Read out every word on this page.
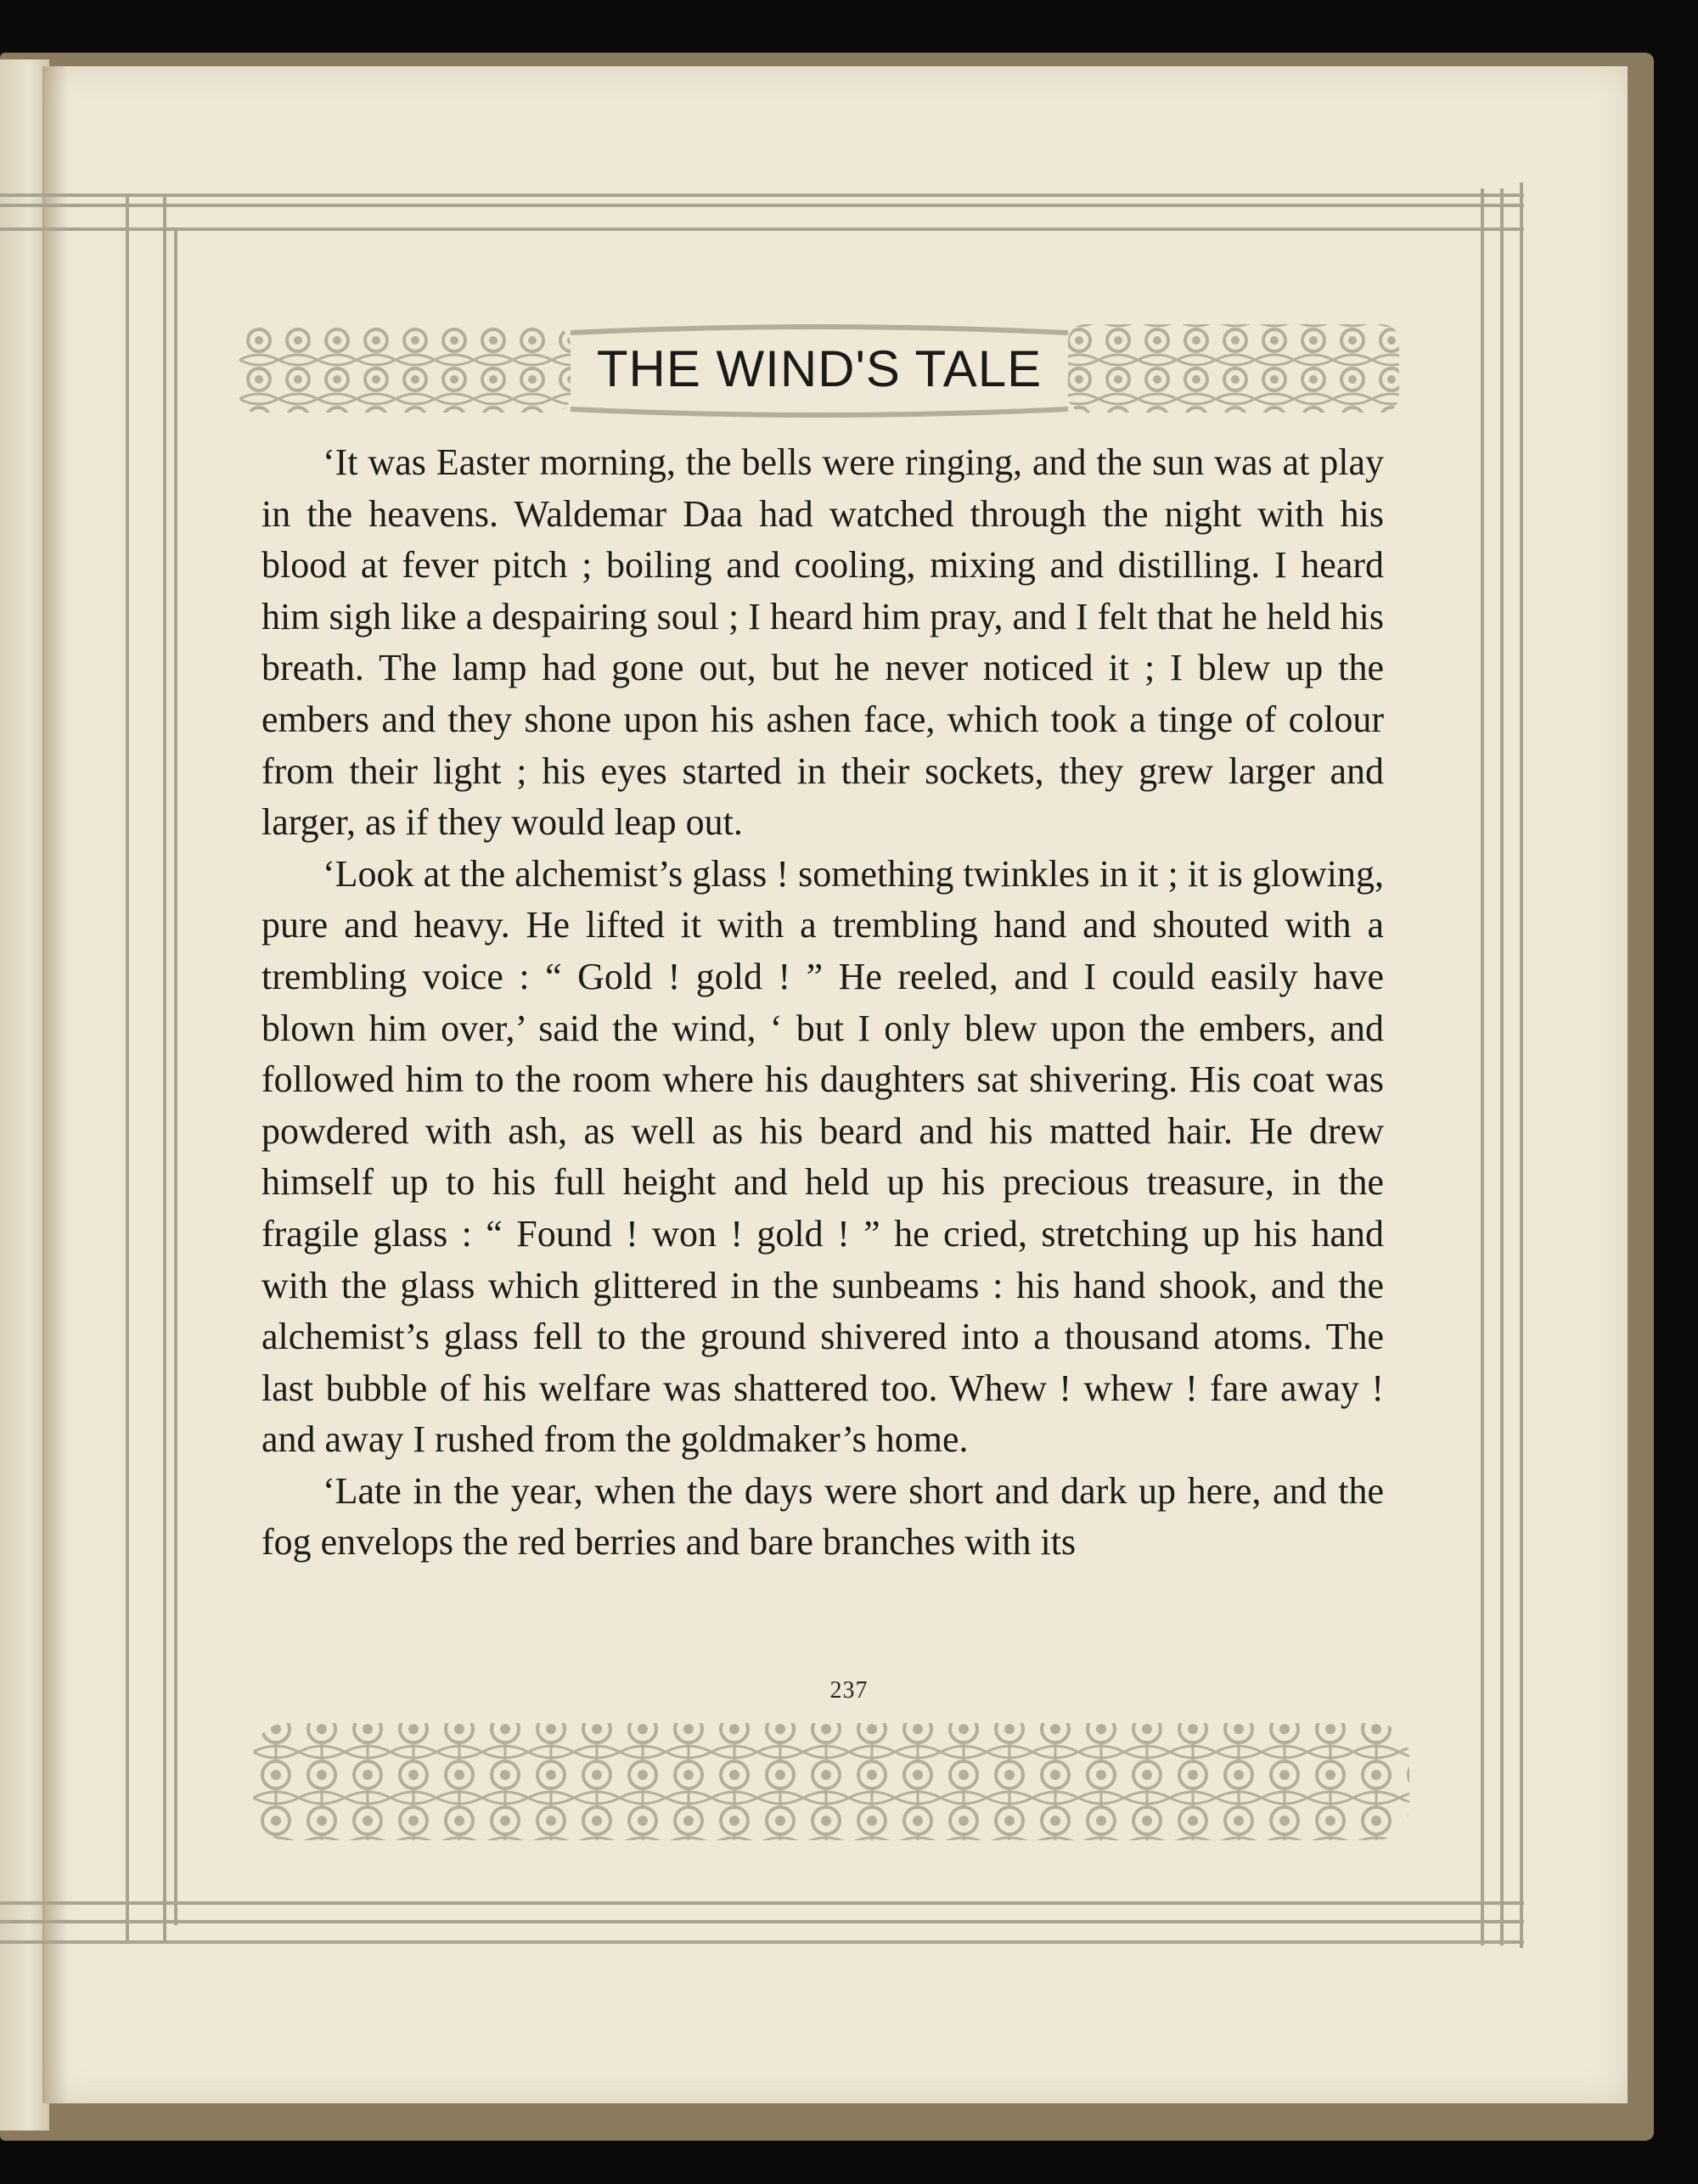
THE WIND'S TALE

‘It was Easter morning, the bells were ringing, and the sun was at play in the heavens. Waldemar Daa had watched through the night with his blood at fever pitch ; boiling and cooling, mixing and distilling. I heard him sigh like a despairing soul ; I heard him pray, and I felt that he held his breath. The lamp had gone out, but he never noticed it ; I blew up the embers and they shone upon his ashen face, which took a tinge of colour from their light ; his eyes started in their sockets, they grew larger and larger, as if they would leap out.

‘Look at the alchemist’s glass ! something twinkles in it ; it is glowing, pure and heavy. He lifted it with a trembling hand and shouted with a trembling voice : “ Gold ! gold ! ” He reeled, and I could easily have blown him over,’ said the wind, ‘ but I only blew upon the embers, and followed him to the room where his daughters sat shivering. His coat was powdered with ash, as well as his beard and his matted hair. He drew himself up to his full height and held up his precious treasure, in the fragile glass : “ Found ! won ! gold ! ” he cried, stretching up his hand with the glass which glittered in the sunbeams : his hand shook, and the alchemist’s glass fell to the ground shivered into a thousand atoms. The last bubble of his welfare was shattered too. Whew ! whew ! fare away ! and away I rushed from the goldmaker’s home.

‘Late in the year, when the days were short and dark up here, and the fog envelops the red berries and bare branches with its

237
